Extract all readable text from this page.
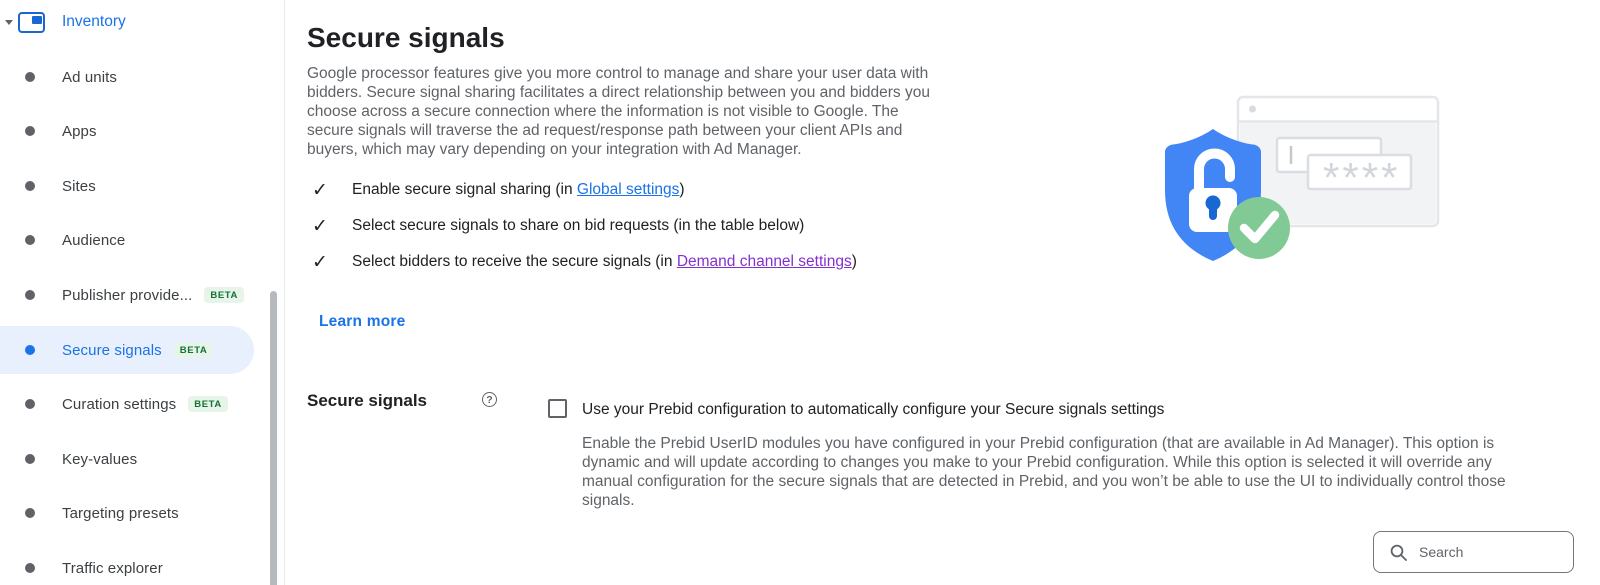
Inventory
Ad units
Apps
Sites
Audience
Publisher provide...	BETA
Secure signals	BETA
Curation settings	BETA
Key-values
Targeting presets
Traffic explorer
Secure signals

Google processor features give you more control to manage and share your user data with bidders. Secure signal sharing facilitates a direct relationship between you and bidders you choose across a secure connection where the information is not visible to Google. The secure signals will traverse the ad request/response path between your client APIs and buyers, which may vary depending on your integration with Ad Manager.

✓	Enable secure signal sharing (in Global settings)
✓	Select secure signals to share on bid requests (in the table below)
✓	Select bidders to receive the secure signals (in Demand channel settings)
Learn more
Secure signals	?
Use your Prebid configuration to automatically configure your Secure signals settings

Enable the Prebid UserID modules you have configured in your Prebid configuration (that are available in Ad Manager). This option is dynamic and will update according to changes you make to your Prebid configuration. While this option is selected it will override any manual configuration for the secure signals that are detected in Prebid, and you won’t be able to use the UI to individually control those signals.

Search
****
